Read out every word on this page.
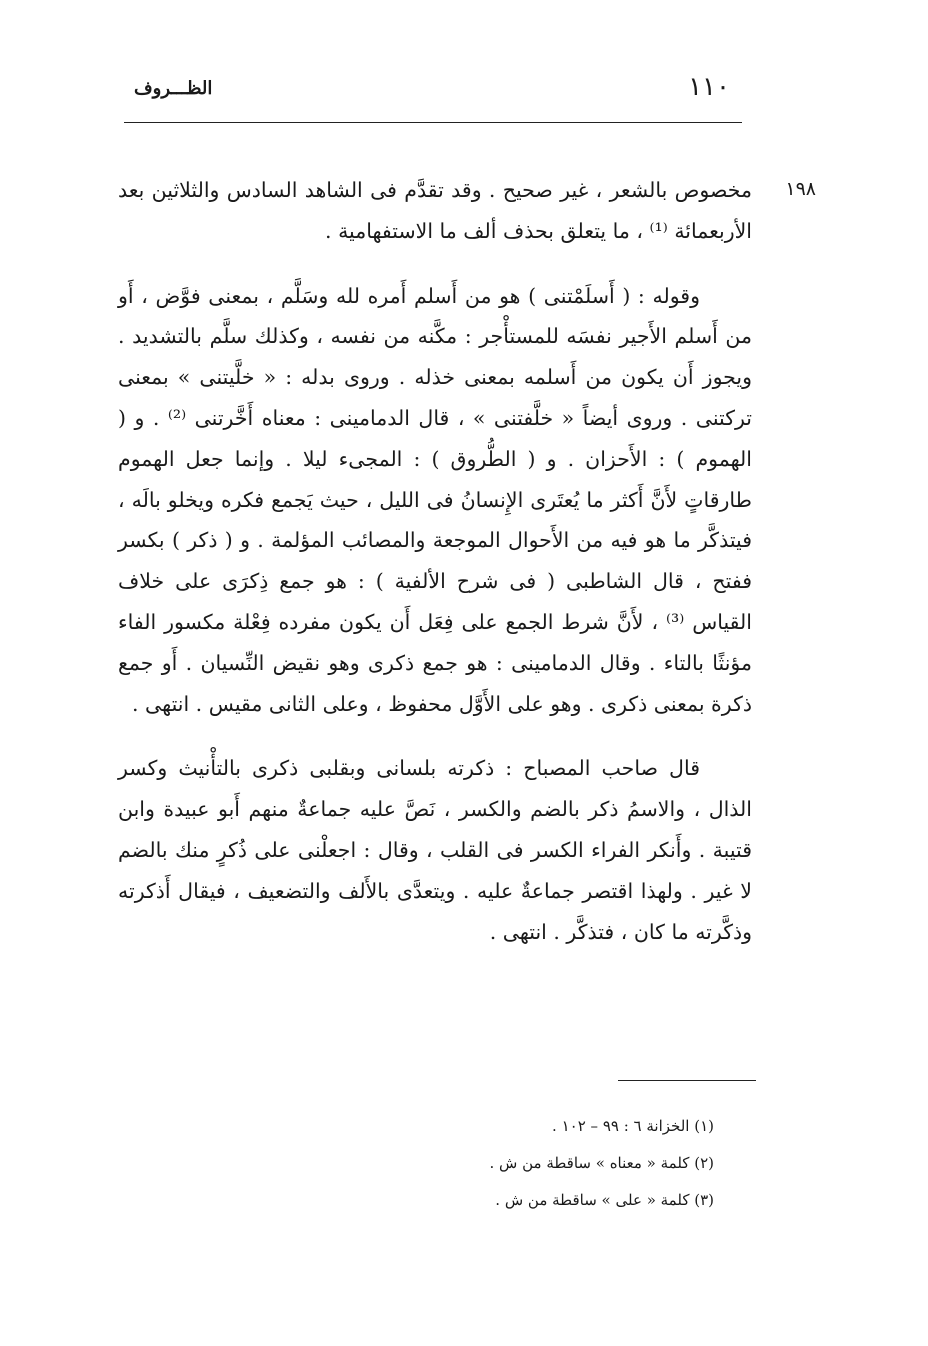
١١٠
الظـــروف
١٩٨

مخصوص بالشعر ، غير صحيح . وقد تقدَّم فى الشاهد السادس والثلاثين بعد الأربعمائة ⁽¹⁾ ، ما يتعلق بحذف ألف ما الاستفهامية .

وقوله : ( أَسلَمْتنى ) هو من أَسلم أَمره لله وسَلَّم ، بمعنى فوَّض ، أَو من أَسلم الأَجير نفسَه للمستأْجر : مكَّنه من نفسه ، وكذلك سلَّم بالتشديد . ويجوز أَن يكون من أَسلمه بمعنى خذله . وروى بدله : « خلَّيتنى » بمعنى تركتنى . وروى أيضاً « خلَّفتنى » ، قال الدمامينى : معناه أَخَّرتنى ⁽²⁾ . و ( الهموم ) : الأَحزان . و ( الطُّروق ) : المجىء ليلا . وإنما جعل الهموم طارقاتٍ لأَنَّ أَكثر ما يُعتَرى الإِنسانُ فى الليل ، حيث يَجمع فكره ويخلو بالَه ، فيتذكَّر ما هو فيه من الأَحوال الموجعة والمصائب المؤلمة . و ( ذكر ) بكسر ففتح ، قال الشاطبى ( فى شرح الألفية ) : هو جمع ذِكرَى على خلاف القياس ⁽³⁾ ، لأَنَّ شرط الجمع على فِعَل أَن يكون مفرده فِعْلة مكسور الفاء مؤنثًا بالتاء . وقال الدمامينى : هو جمع ذكرى وهو نقيض النِّسيان . أَو جمع ذكرة بمعنى ذكرى . وهو على الأَوَّل محفوظ ، وعلى الثانى مقيس . انتهى .

قال صاحب المصباح : ذكرته بلسانى وبقلبى ذكرى بالتأْنيث وكسر الذال ، والاسمُ ذكر بالضم والكسر ، نَصَّ عليه جماعةٌ منهم أَبو عبيدة وابن قتيبة . وأَنكر الفراء الكسر فى القلب ، وقال : اجعلْنى على ذُكرٍ منك بالضم لا غير . ولهذا اقتصر جماعةٌ عليه . ويتعدَّى بالأَلف والتضعيف ، فيقال أَذكرته وذكَّرته ما كان ، فتذكَّر . انتهى .

(١) الخزانة ٦ : ٩٩ – ١٠٢ .
(٢) كلمة « معناه » ساقطة من ش .
(٣) كلمة « على » ساقطة من ش .
